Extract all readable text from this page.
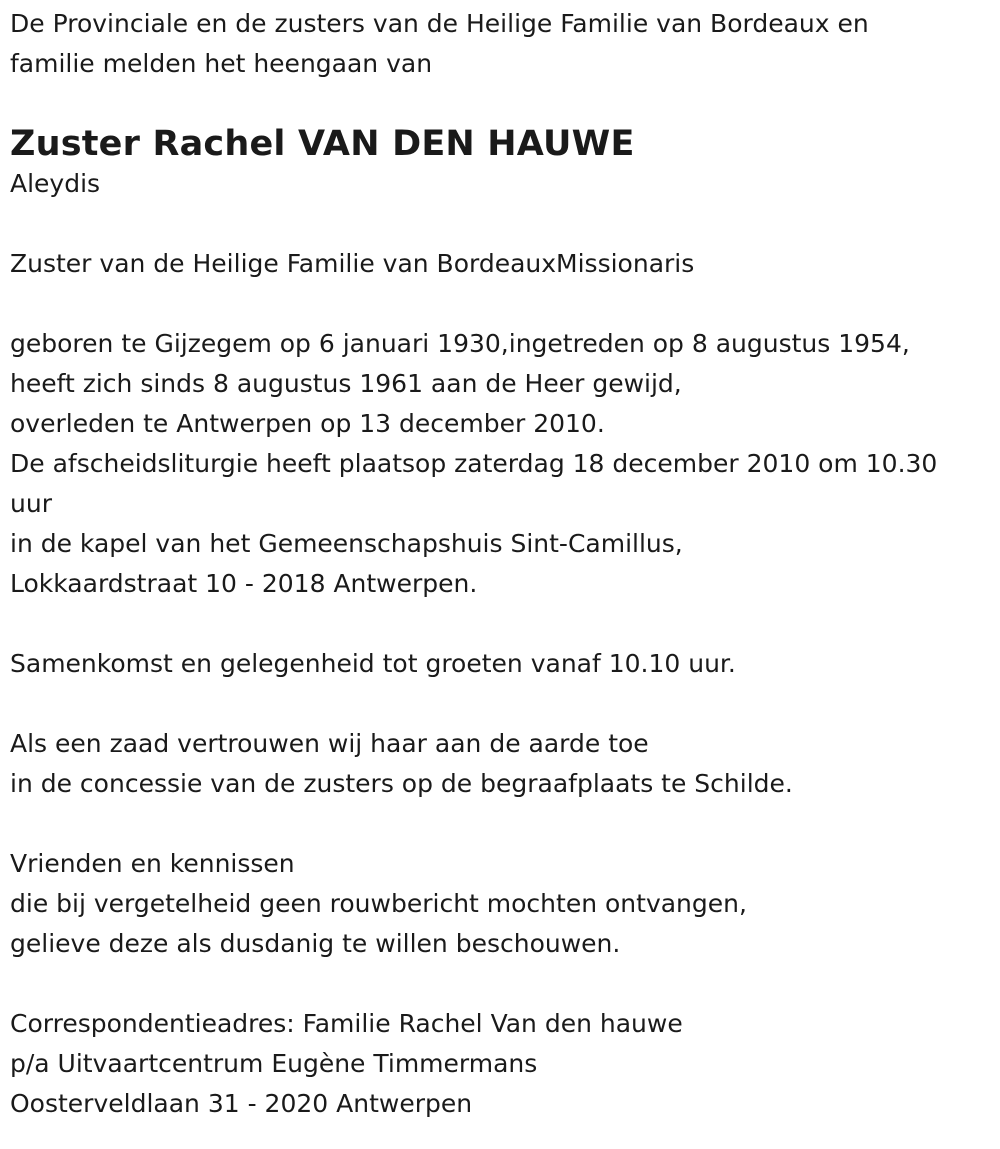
De Provinciale en de zusters van de Heilige Familie van Bordeaux en
familie melden het heengaan van
Zuster Rachel VAN DEN HAUWE
Aleydis
Zuster van de Heilige Familie van BordeauxMissionaris
geboren te Gijzegem op 6 januari 1930,ingetreden op 8 augustus 1954,
heeft zich sinds 8 augustus 1961 aan de Heer gewijd,
overleden te Antwerpen op 13 december 2010.
De afscheidsliturgie heeft plaatsop zaterdag 18 december 2010 om 10.30
uur
in de kapel van het Gemeenschapshuis Sint-Camillus,
Lokkaardstraat 10 - 2018 Antwerpen.
Samenkomst en gelegenheid tot groeten vanaf 10.10 uur.
Als een zaad vertrouwen wij haar aan de aarde toe
in de concessie van de zusters op de begraafplaats te Schilde.
Vrienden en kennissen
die bij vergetelheid geen rouwbericht mochten ontvangen,
gelieve deze als dusdanig te willen beschouwen.
Correspondentieadres: Familie Rachel Van den hauwe
p/a Uitvaartcentrum Eugène Timmermans
Oosterveldlaan 31 - 2020 Antwerpen
